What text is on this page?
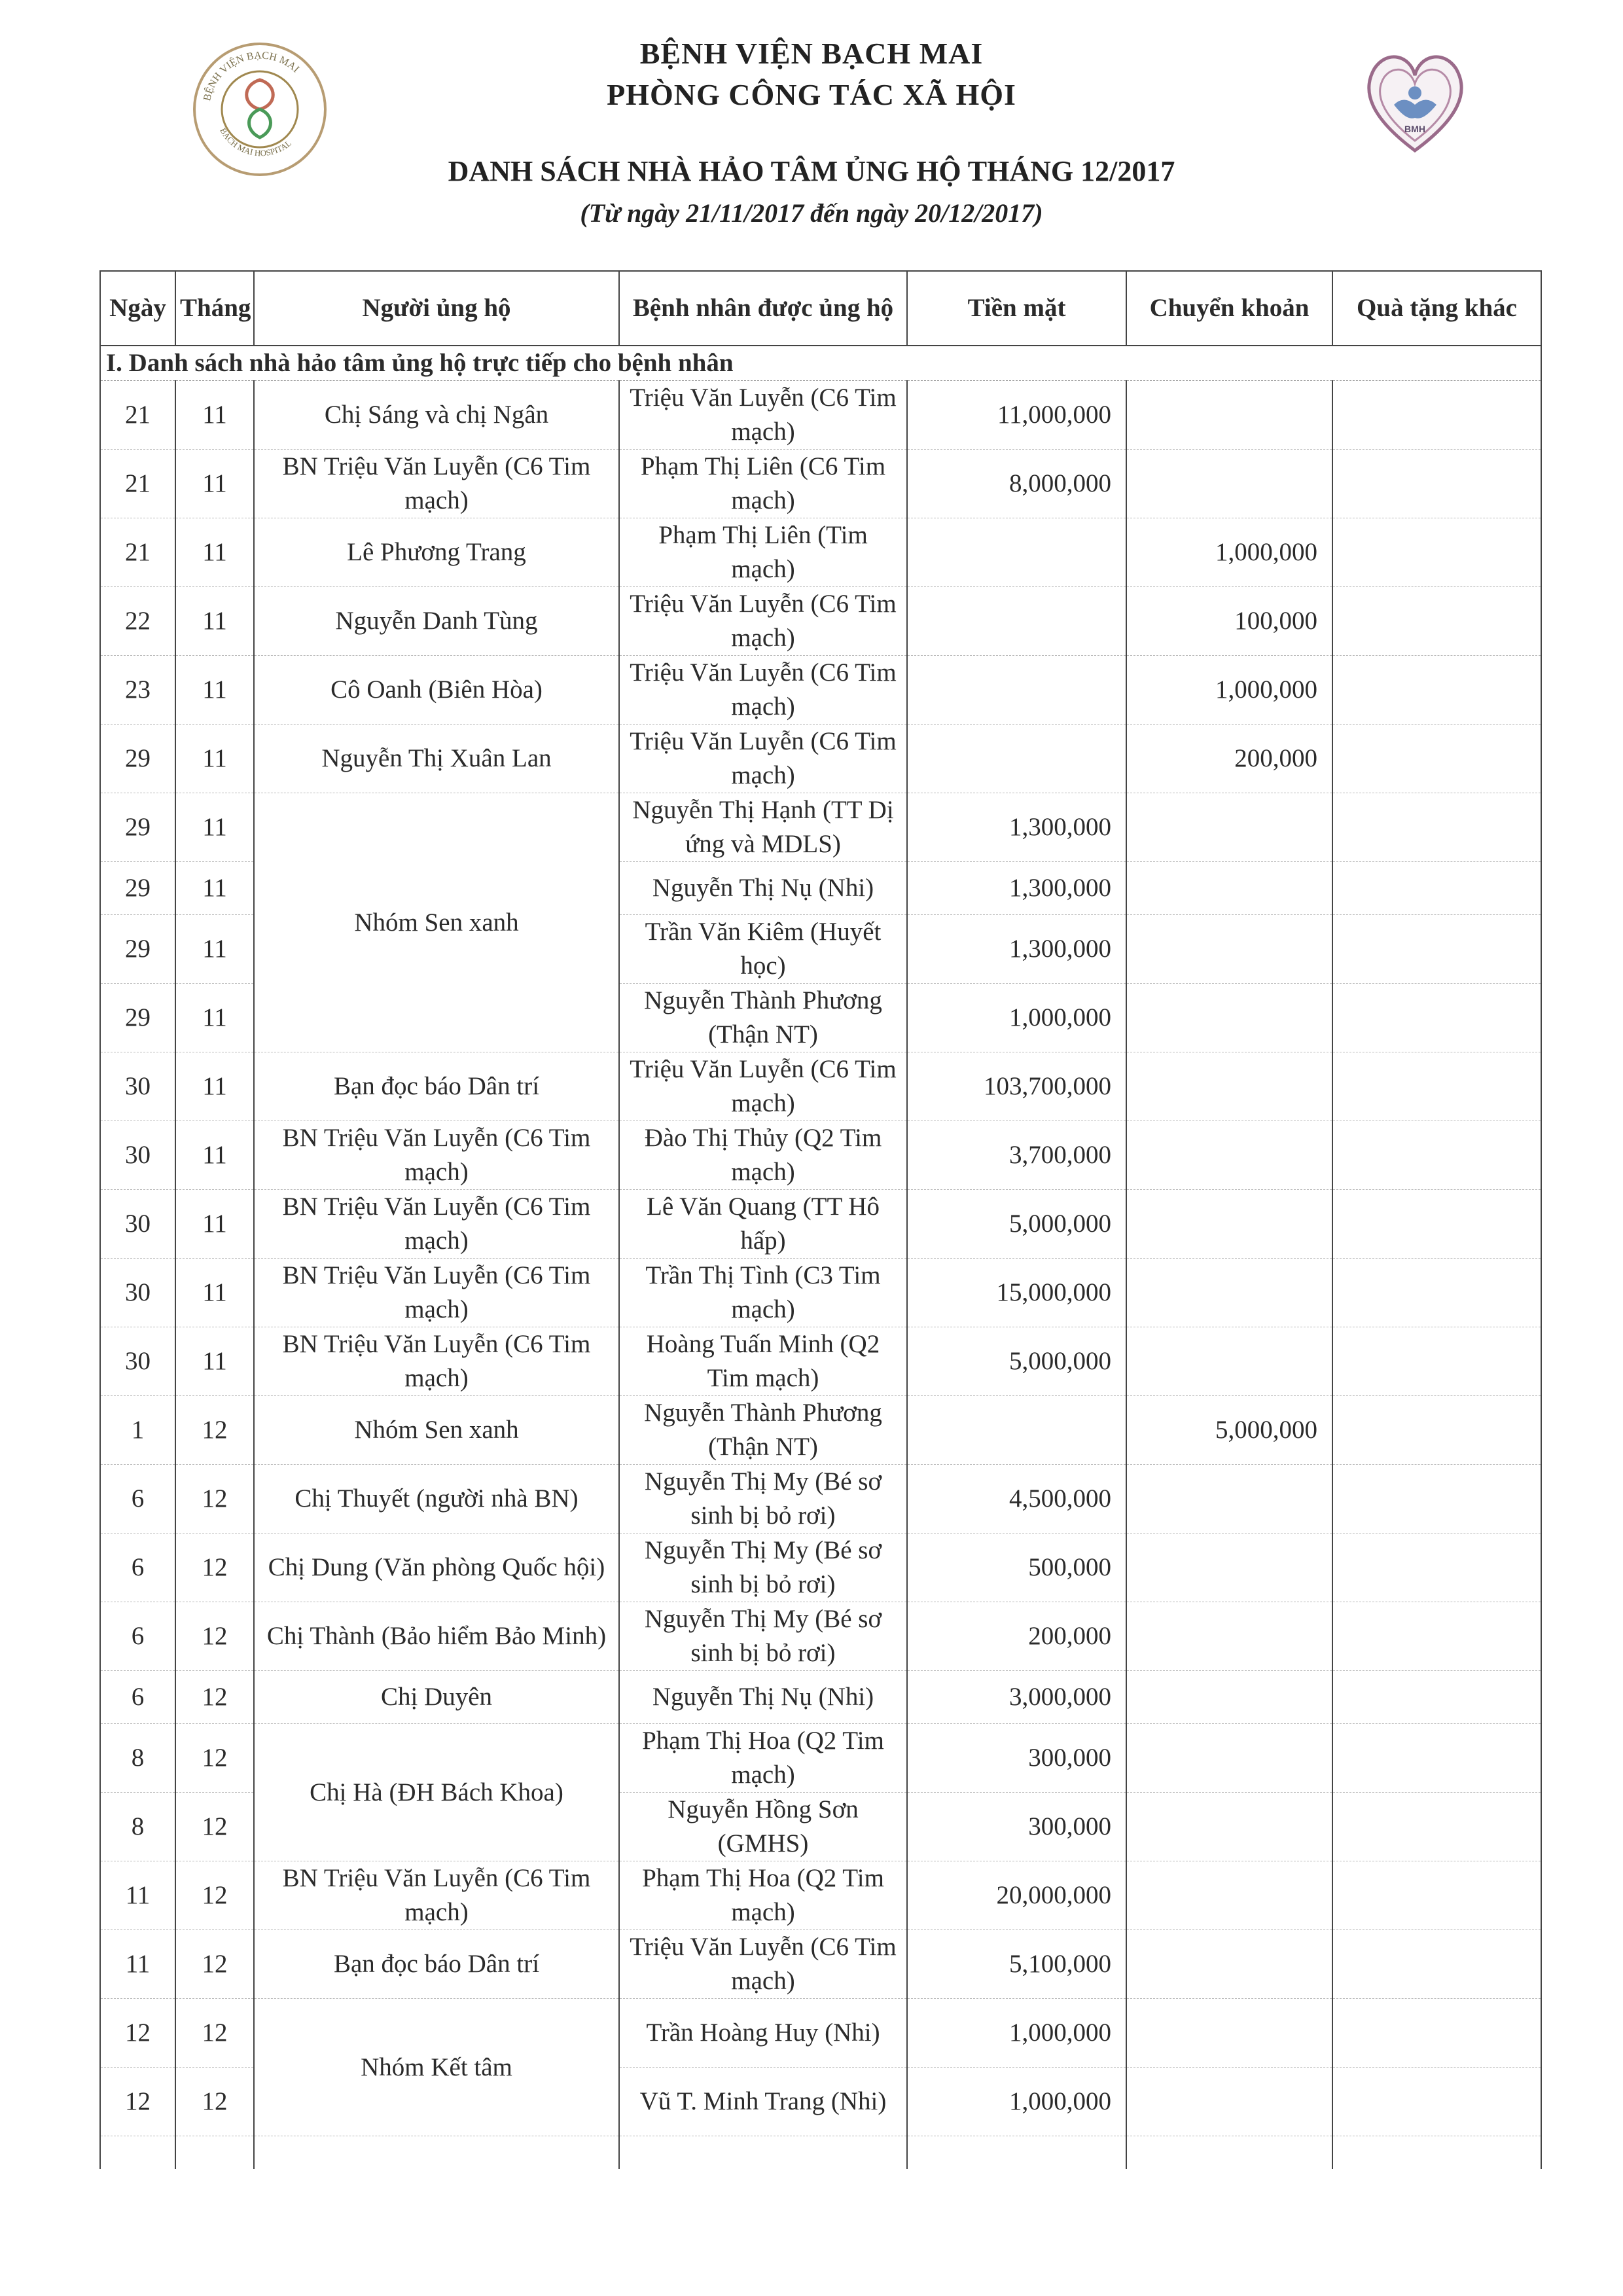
BỆNH VIỆN BẠCH MAI
BACH MAI HOSPITAL
BMH
BỆNH VIỆN BẠCH MAI
PHÒNG CÔNG TÁC XÃ HỘI
DANH SÁCH NHÀ HẢO TÂM ỦNG HỘ THÁNG 12/2017
(Từ ngày 21/11/2017 đến ngày 20/12/2017)
Ngày	Tháng	Người ủng hộ	Bệnh nhân được ủng hộ	Tiền mặt	Chuyển khoản	Quà tặng khác
I. Danh sách nhà hảo tâm ủng hộ trực tiếp cho bệnh nhân						
21	11	Chị Sáng và chị Ngân	Triệu Văn Luyễn (C6 Tim mạch)	11,000,000		
21	11	BN Triệu Văn Luyễn (C6 Tim mạch)	Phạm Thị Liên (C6 Tim mạch)	8,000,000		
21	11	Lê Phương Trang	Phạm Thị Liên (Tim mạch)		1,000,000	
22	11	Nguyễn Danh Tùng	Triệu Văn Luyễn (C6 Tim mạch)		100,000	
23	11	Cô Oanh (Biên Hòa)	Triệu Văn Luyễn (C6 Tim mạch)		1,000,000	
29	11	Nguyễn Thị Xuân Lan	Triệu Văn Luyễn (C6 Tim mạch)		200,000	
29	11	Nhóm Sen xanh	Nguyễn Thị Hạnh (TT Dị ứng và MDLS)	1,300,000		
29	11		Nguyễn Thị Nụ (Nhi)	1,300,000		
29	11		Trần Văn Kiêm (Huyết học)	1,300,000		
29	11		Nguyễn Thành Phương (Thận NT)	1,000,000		
30	11	Bạn đọc báo Dân trí	Triệu Văn Luyễn (C6 Tim mạch)	103,700,000		
30	11	BN Triệu Văn Luyễn (C6 Tim mạch)	Đào Thị Thủy (Q2 Tim mạch)	3,700,000		
30	11	BN Triệu Văn Luyễn (C6 Tim mạch)	Lê Văn Quang (TT Hô hấp)	5,000,000		
30	11	BN Triệu Văn Luyễn (C6 Tim mạch)	Trần Thị Tình (C3 Tim mạch)	15,000,000		
30	11	BN Triệu Văn Luyễn (C6 Tim mạch)	Hoàng Tuấn Minh (Q2 Tim mạch)	5,000,000		
1	12	Nhóm Sen xanh	Nguyễn Thành Phương (Thận NT)		5,000,000	
6	12	Chị Thuyết (người nhà BN)	Nguyễn Thị My (Bé sơ sinh bị bỏ rơi)	4,500,000		
6	12	Chị Dung (Văn phòng Quốc hội)	Nguyễn Thị My (Bé sơ sinh bị bỏ rơi)	500,000		
6	12	Chị Thành (Bảo hiểm Bảo Minh)	Nguyễn Thị My (Bé sơ sinh bị bỏ rơi)	200,000		
6	12	Chị Duyên	Nguyễn Thị Nụ (Nhi)	3,000,000		
8	12	Chị Hà (ĐH Bách Khoa)	Phạm Thị Hoa (Q2 Tim mạch)	300,000		
8	12		Nguyễn Hồng Sơn (GMHS)	300,000		
11	12	BN Triệu Văn Luyễn (C6 Tim mạch)	Phạm Thị Hoa (Q2 Tim mạch)	20,000,000		
11	12	Bạn đọc báo Dân trí	Triệu Văn Luyễn (C6 Tim mạch)	5,100,000		
12	12	Nhóm Kết tâm	Trần Hoàng Huy (Nhi)	1,000,000		
12	12		Vũ T. Minh Trang (Nhi)	1,000,000		
